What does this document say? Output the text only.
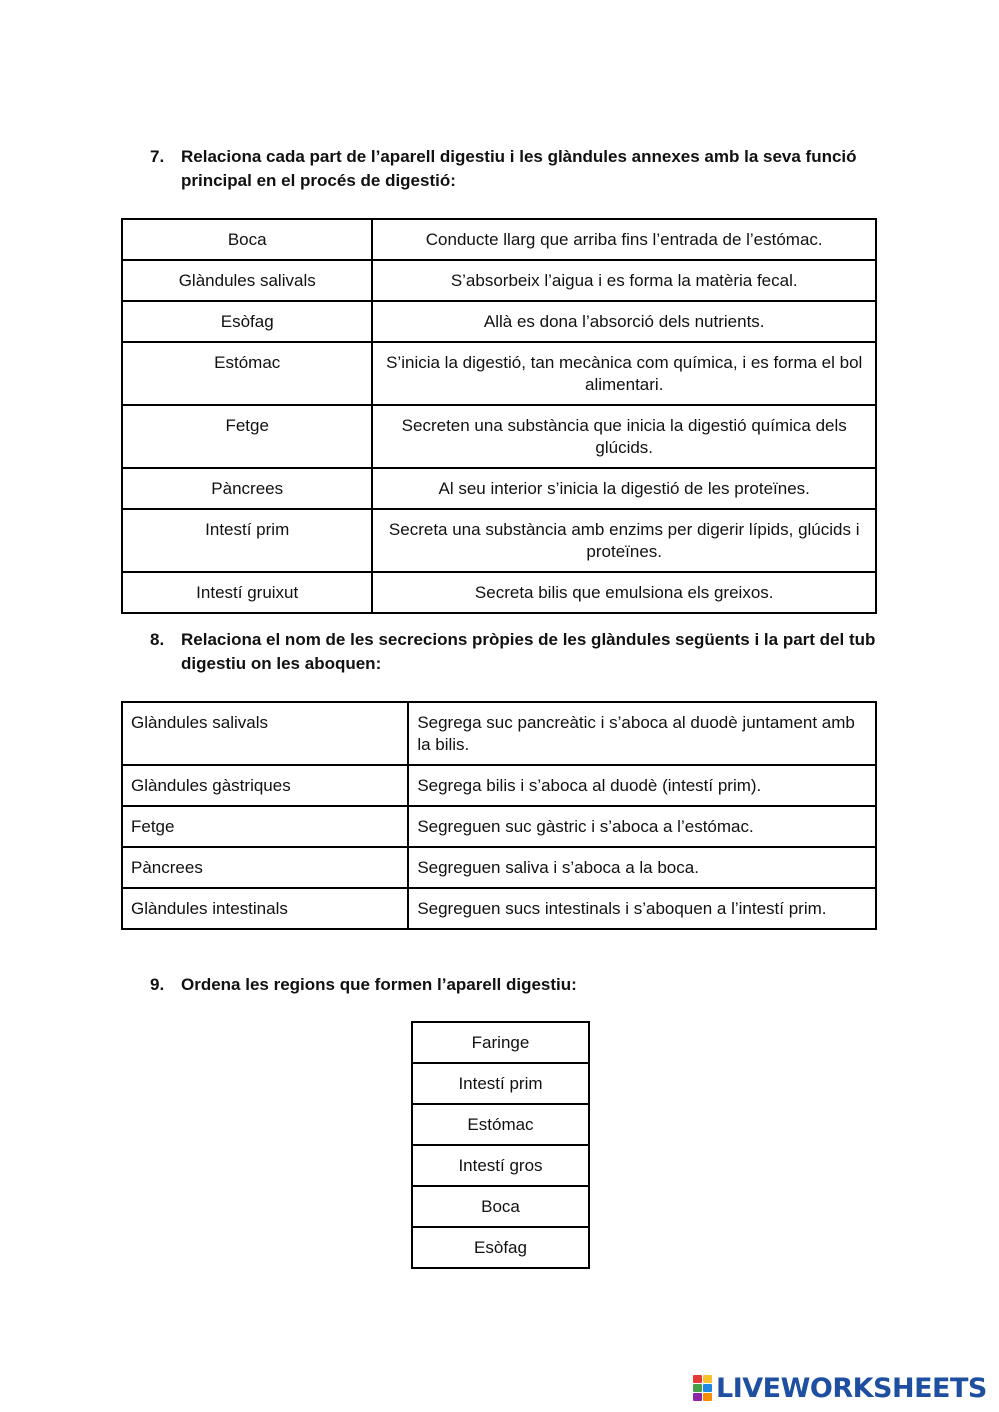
7. Relaciona cada part de l’aparell digestiu i les glàndules annexes amb la seva funció principal en el procés de digestió:
Boca	Conducte llarg que arriba fins l’entrada de l’estómac.
Glàndules salivals	S’absorbeix l’aigua i es forma la matèria fecal.
Esòfag	Allà es dona l’absorció dels nutrients.
Estómac	S’inicia la digestió, tan mecànica com química, i es forma el bol alimentari.
Fetge	Secreten una substància que inicia la digestió química dels glúcids.
Pàncrees	Al seu interior s’inicia la digestió de les proteïnes.
Intestí prim	Secreta una substància amb enzims per digerir lípids, glúcids i proteïnes.
Intestí gruixut	Secreta bilis que emulsiona els greixos.
8. Relaciona el nom de les secrecions pròpies de les glàndules següents i la part del tub digestiu on les aboquen:
Glàndules salivals	Segrega suc pancreàtic i s’aboca al duodè juntament amb la bilis.
Glàndules gàstriques	Segrega bilis i s’aboca al duodè (intestí prim).
Fetge	Segreguen suc gàstric i s’aboca a l’estómac.
Pàncrees	Segreguen saliva i s’aboca a la boca.
Glàndules intestinals	Segreguen sucs intestinals i s’aboquen a l’intestí prim.
9. Ordena les regions que formen l’aparell digestiu:
Faringe
Intestí prim
Estómac
Intestí gros
Boca
Esòfag
LIVEWORKSHEETS
